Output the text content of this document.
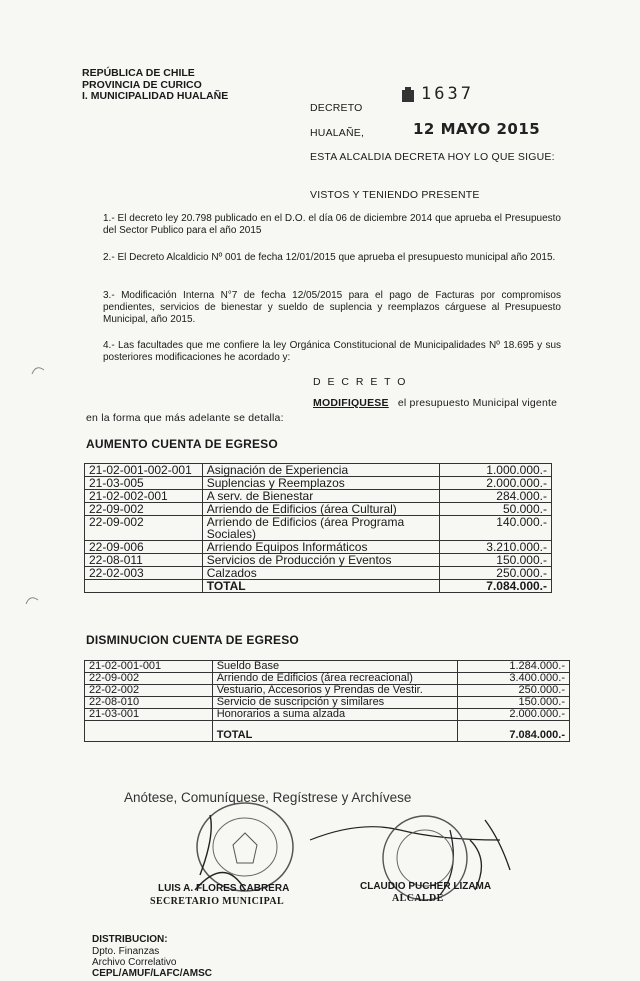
REPÚBLICA DE CHILE
PROVINCIA DE CURICO
I. MUNICIPALIDAD HUALAÑE
DECRETO
1637
HUALAÑE,	12 MAYO 2015
ESTA ALCALDIA DECRETA HOY LO QUE SIGUE:
VISTOS Y TENIENDO PRESENTE
1.- El decreto ley 20.798 publicado en el D.O. el día 06 de diciembre 2014 que aprueba el Presupuesto del Sector Publico para el año 2015
2.- El Decreto Alcaldicio Nº 001 de fecha 12/01/2015 que aprueba el presupuesto municipal año 2015.
3.- Modificación Interna N°7 de fecha 12/05/2015 para el pago de Facturas por compromisos pendientes, servicios de bienestar y sueldo de suplencia y reemplazos cárguese al Presupuesto Municipal, año 2015.
4.- Las facultades que me confiere la ley Orgánica Constitucional de Municipalidades Nº 18.695 y sus posteriores modificaciones he acordado y:
D E C R E T O
MODIFIQUESE el presupuesto Municipal vigente
en la forma que más adelante se detalla:
AUMENTO CUENTA DE EGRESO
21-02-001-002-001	Asignación de Experiencia	1.000.000.-
21-03-005	Suplencias y Reemplazos	2.000.000.-
21-02-002-001	A serv. de Bienestar	284.000.-
22-09-002	Arriendo de Edificios (área Cultural)	50.000.-
22-09-002	Arriendo de Edificios (área Programa Sociales)	140.000.-
22-09-006	Arriendo Equipos Informáticos	3.210.000.-
22-08-011	Servicios de Producción y Eventos	150.000.-
22-02-003	Calzados	250.000.-
	TOTAL	7.084.000.-
DISMINUCION CUENTA DE EGRESO
21-02-001-001	Sueldo Base	1.284.000.-
22-09-002	Arriendo de Edificios (área recreacional)	3.400.000.-
22-02-002	Vestuario, Accesorios y Prendas de Vestir.	250.000.-
22-08-010	Servicio de suscripción y similares	150.000.-
21-03-001	Honorarios a suma alzada	2.000.000.-
	TOTAL	7.084.000.-
Anótese, Comuníquese, Regístrese y Archívese
LUIS A. FLORES CABRERA
SECRETARIO MUNICIPAL
CLAUDIO PUCHER LIZAMA
ALCALDE
DISTRIBUCION:
Dpto. Finanzas
Archivo Correlativo
CEPL/AMUF/LAFC/AMSC
